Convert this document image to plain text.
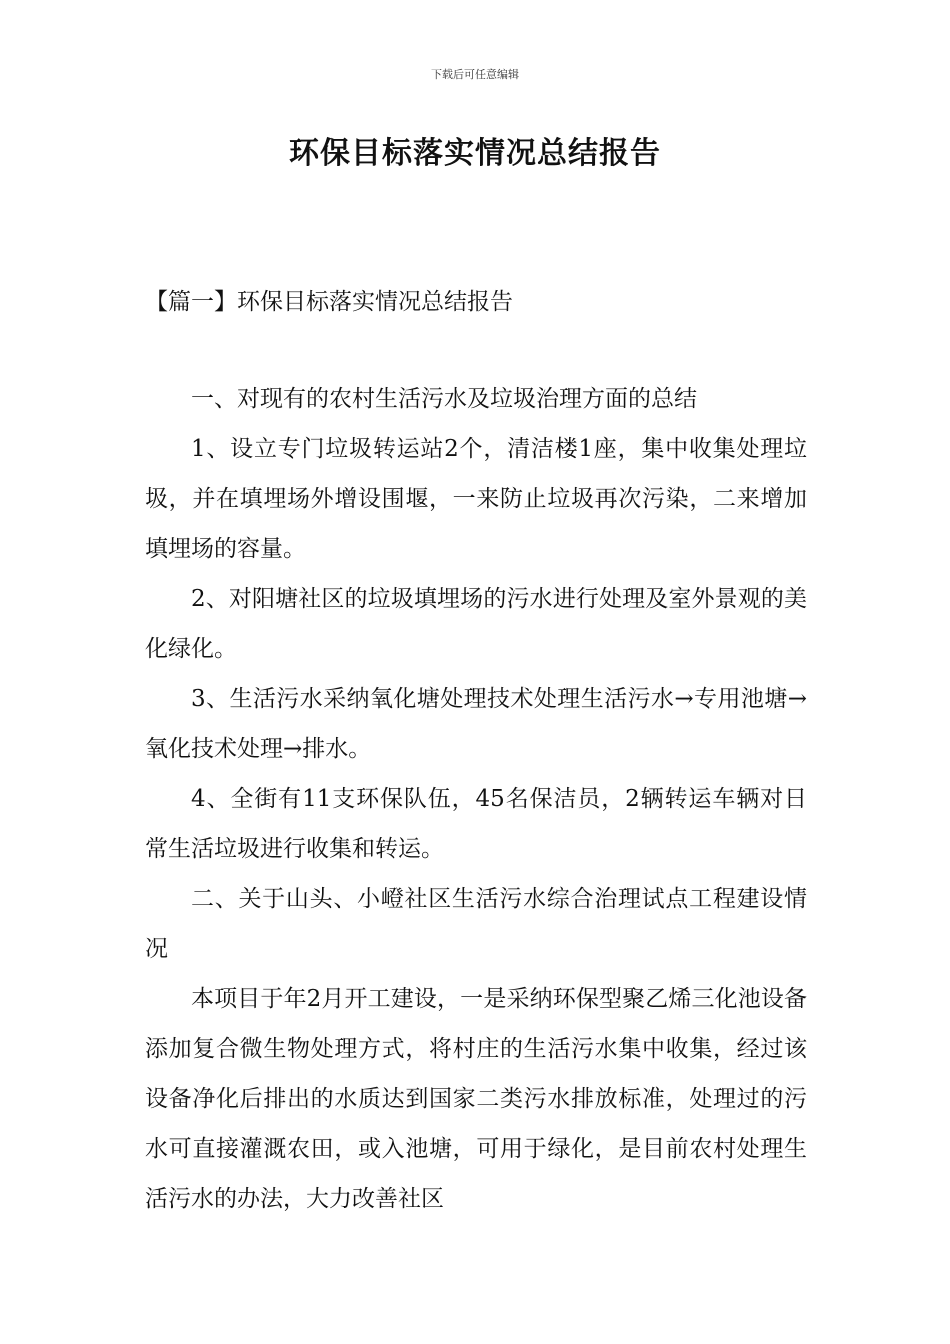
下载后可任意编辑
环保目标落实情况总结报告
【篇一】环保目标落实情况总结报告

一、对现有的农村生活污水及垃圾治理方面的总结

1、设立专门垃圾转运站2个，清洁楼1座，集中收集处理垃圾，并在填埋场外增设围堰，一来防止垃圾再次污染，二来增加填埋场的容量。

2、对阳塘社区的垃圾填埋场的污水进行处理及室外景观的美化绿化。

3、生活污水采纳氧化塘处理技术处理生活污水→专用池塘→氧化技术处理→排水。

4、全街有11支环保队伍，45名保洁员，2辆转运车辆对日常生活垃圾进行收集和转运。

二、关于山头、小嶝社区生活污水综合治理试点工程建设情况

本项目于年2月开工建设，一是采纳环保型聚乙烯三化池设备添加复合微生物处理方式，将村庄的生活污水集中收集，经过该设备净化后排出的水质达到国家二类污水排放标准，处理过的污水可直接灌溉农田，或入池塘，可用于绿化，是目前农村处理生活污水的办法，大力改善社区
